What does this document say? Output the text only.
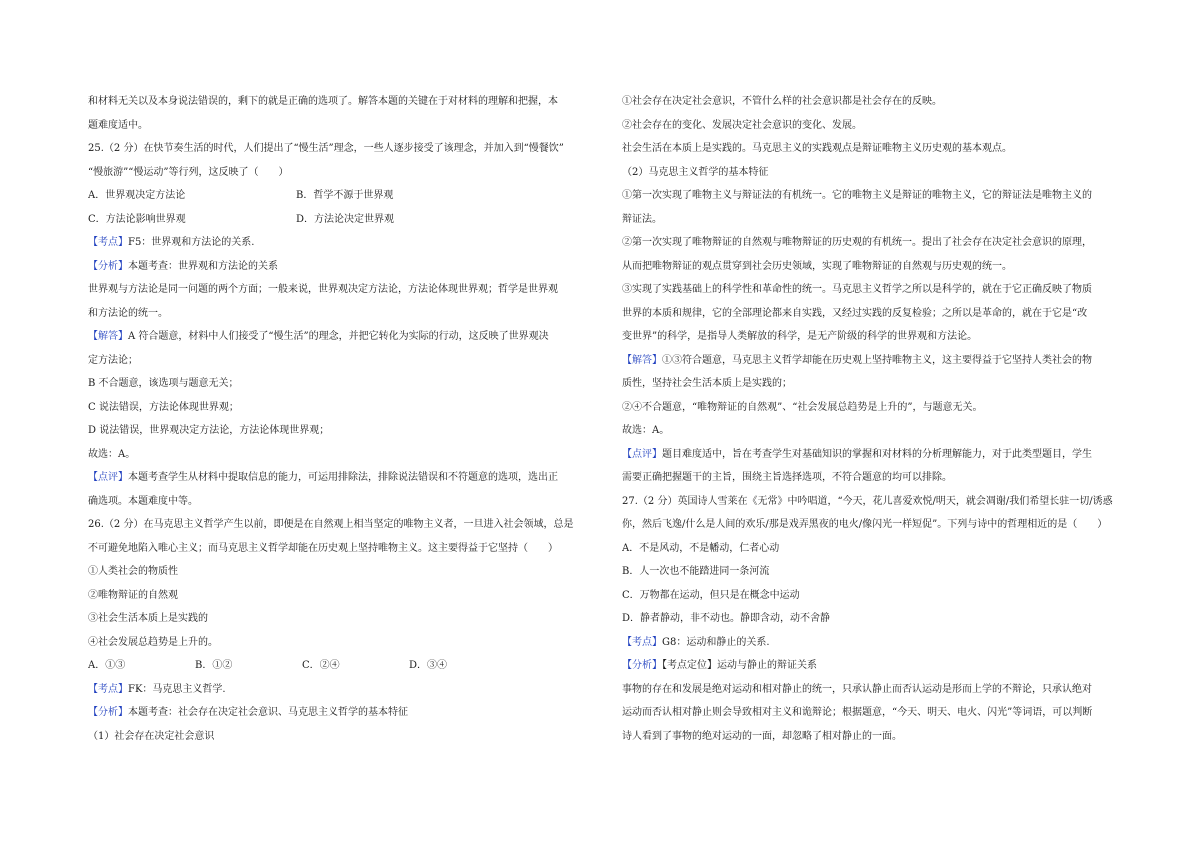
和材料无关以及本身说法错误的，剩下的就是正确的选项了。解答本题的关键在于对材料的理解和把握，本
题难度适中。
25.（2 分）在快节奏生活的时代，人们提出了“慢生活”理念，一些人逐步接受了该理念，并加入到“慢餐饮”
“慢旅游”“慢运动”等行列，这反映了（　　）
A．世界观决定方法论	B．哲学不源于世界观
C．方法论影响世界观	D．方法论决定世界观
【考点】F5：世界观和方法论的关系.
【分析】本题考查：世界观和方法论的关系
世界观与方法论是同一问题的两个方面；一般来说，世界观决定方法论，方法论体现世界观；哲学是世界观
和方法论的统一。
【解答】A 符合题意，材料中人们接受了“慢生活”的理念，并把它转化为实际的行动，这反映了世界观决
定方法论；
B 不合题意，该选项与题意无关；
C 说法错误，方法论体现世界观；
D 说法错误，世界观决定方法论，方法论体现世界观；
故选：A。
【点评】本题考查学生从材料中提取信息的能力，可运用排除法，排除说法错误和不符题意的选项，选出正
确选项。本题难度中等。
26.（2 分）在马克思主义哲学产生以前，即便是在自然观上相当坚定的唯物主义者，一旦进入社会领域，总是
不可避免地陷入唯心主义；而马克思主义哲学却能在历史观上坚持唯物主义。这主要得益于它坚持（　　）
①人类社会的物质性
②唯物辩证的自然观
③社会生活本质上是实践的
④社会发展总趋势是上升的。
A．①③	B．①②	C．②④	D．③④
【考点】FK：马克思主义哲学.
【分析】本题考查：社会存在决定社会意识、马克思主义哲学的基本特征
（1）社会存在决定社会意识
①社会存在决定社会意识，不管什么样的社会意识都是社会存在的反映。
②社会存在的变化、发展决定社会意识的变化、发展。
社会生活在本质上是实践的。马克思主义的实践观点是辩证唯物主义历史观的基本观点。
（2）马克思主义哲学的基本特征
①第一次实现了唯物主义与辩证法的有机统一。它的唯物主义是辩证的唯物主义，它的辩证法是唯物主义的
辩证法。
②第一次实现了唯物辩证的自然观与唯物辩证的历史观的有机统一。提出了社会存在决定社会意识的原理，
从而把唯物辩证的观点贯穿到社会历史领域，实现了唯物辩证的自然观与历史观的统一。
③实现了实践基础上的科学性和革命性的统一。马克思主义哲学之所以是科学的，就在于它正确反映了物质
世界的本质和规律，它的全部理论都来自实践，又经过实践的反复检验；之所以是革命的，就在于它是“改
变世界”的科学，是指导人类解放的科学，是无产阶级的科学的世界观和方法论。
【解答】①③符合题意，马克思主义哲学却能在历史观上坚持唯物主义，这主要得益于它坚持人类社会的物
质性，坚持社会生活本质上是实践的；
②④不合题意，“唯物辩证的自然观”、“社会发展总趋势是上升的”，与题意无关。
故选：A。
【点评】题目难度适中，旨在考查学生对基础知识的掌握和对材料的分析理解能力，对于此类型题目，学生
需要正确把握题干的主旨，围绕主旨选择选项，不符合题意的均可以排除。
27.（2 分）英国诗人雪莱在《无常》中吟唱道，“今天，花儿喜爱欢悦/明天，就会凋谢/我们希望长驻一切/诱惑
你，然后飞逸/什么是人间的欢乐/那是戏弄黑夜的电火/像闪光一样短促”。下列与诗中的哲理相近的是（　　）
A．不是风动，不是幡动，仁者心动
B．人一次也不能踏进同一条河流
C．万物都在运动，但只是在概念中运动
D．静者静动，非不动也。静即含动，动不舍静
【考点】G8：运动和静止的关系.
【分析】【考点定位】运动与静止的辩证关系
事物的存在和发展是绝对运动和相对静止的统一，只承认静止而否认运动是形而上学的不辩论，只承认绝对
运动而否认相对静止则会导致相对主义和诡辩论；根据题意，“今天、明天、电火、闪光”等词语，可以判断
诗人看到了事物的绝对运动的一面，却忽略了相对静止的一面。
